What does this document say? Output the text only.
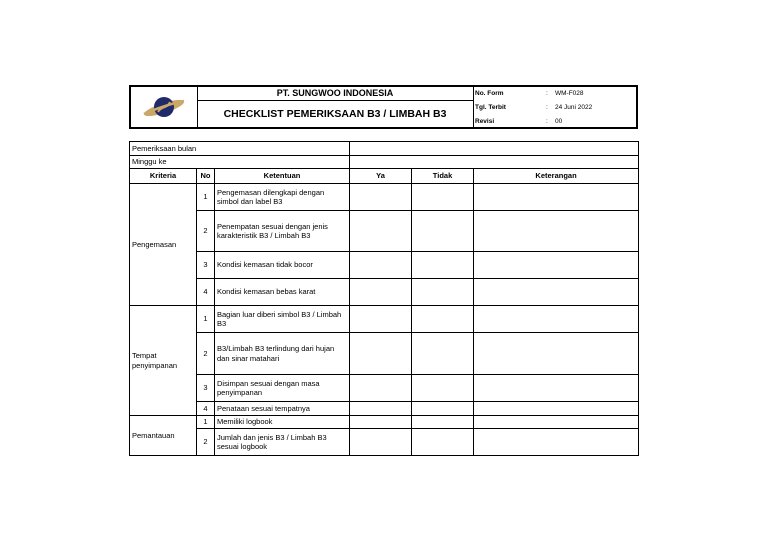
PT. SUNGWOO INDONESIA
CHECKLIST PEMERIKSAAN B3 / LIMBAH B3
No. Form	: WM-F028
Tgl. Terbit	: 24 Juni 2022
Revisi	: 00
Pemeriksaan bulan					
Minggu ke					
Kriteria	No	Ketentuan	Ya	Tidak	Keterangan
Pengemasan	1	Pengemasan dilengkapi dengan simbol dan label B3			
	2	Penempatan sesuai dengan jenis karakteristik B3 / Limbah B3			
	3	Kondisi kemasan tidak bocor			
	4	Kondisi kemasan bebas karat			
Tempat penyimpanan	1	Bagian luar diberi simbol B3 / Limbah B3			
	2	B3/Limbah B3 terlindung dari hujan dan sinar matahari			
	3	Disimpan sesuai dengan masa penyimpanan			
	4	Penataan sesuai tempatnya			
Pemantauan	1	Memiliki logbook			
	2	Jumlah dan jenis B3 / Limbah B3 sesuai logbook			
